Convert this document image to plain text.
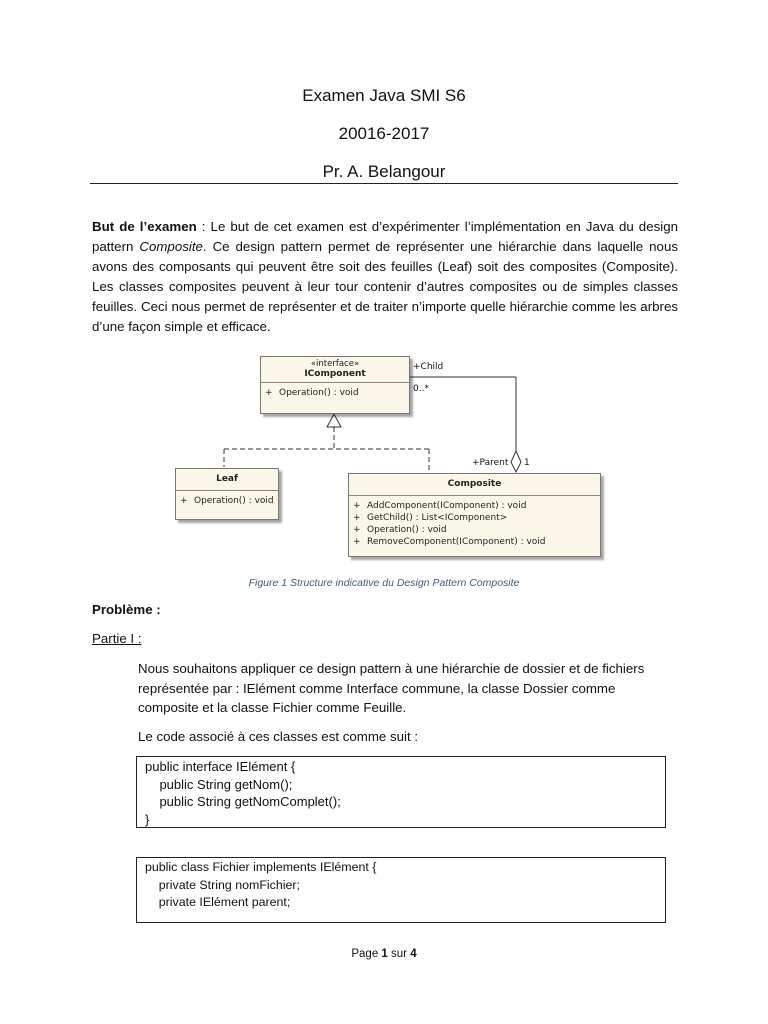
Examen Java SMI S6
20016-2017
Pr. A. Belangour
But de l’examen : Le but de cet examen est d’expérimenter l’implémentation en Java du design pattern Composite. Ce design pattern permet de représenter une hiérarchie dans laquelle nous avons des composants qui peuvent être soit des feuilles (Leaf) soit des composites (Composite). Les classes composites peuvent à leur tour contenir d’autres composites ou de simples classes feuilles. Ceci nous permet de représenter et de traiter n’importe quelle hiérarchie comme les arbres d’une façon simple et efficace.
«interface»
IComponent
+ Operation() : void
Leaf
+ Operation() : void
Composite
+ AddComponent(IComponent) : void
+ GetChild() : List<IComponent>
+ Operation() : void
+ RemoveComponent(IComponent) : void
+Child
0..*
+Parent 1
Figure 1 Structure indicative du Design Pattern Composite
Problème :
Partie I :
Nous souhaitons appliquer ce design pattern à une hiérarchie de dossier et de fichiers représentée par : IElément comme Interface commune, la classe Dossier comme composite et la classe Fichier comme Feuille.
Le code associé à ces classes est comme suit :
public interface IElément {
public String getNom();
public String getNomComplet();
}
public class Fichier implements IElément {
private String nomFichier;
private IElément parent;
Page 1 sur 4
